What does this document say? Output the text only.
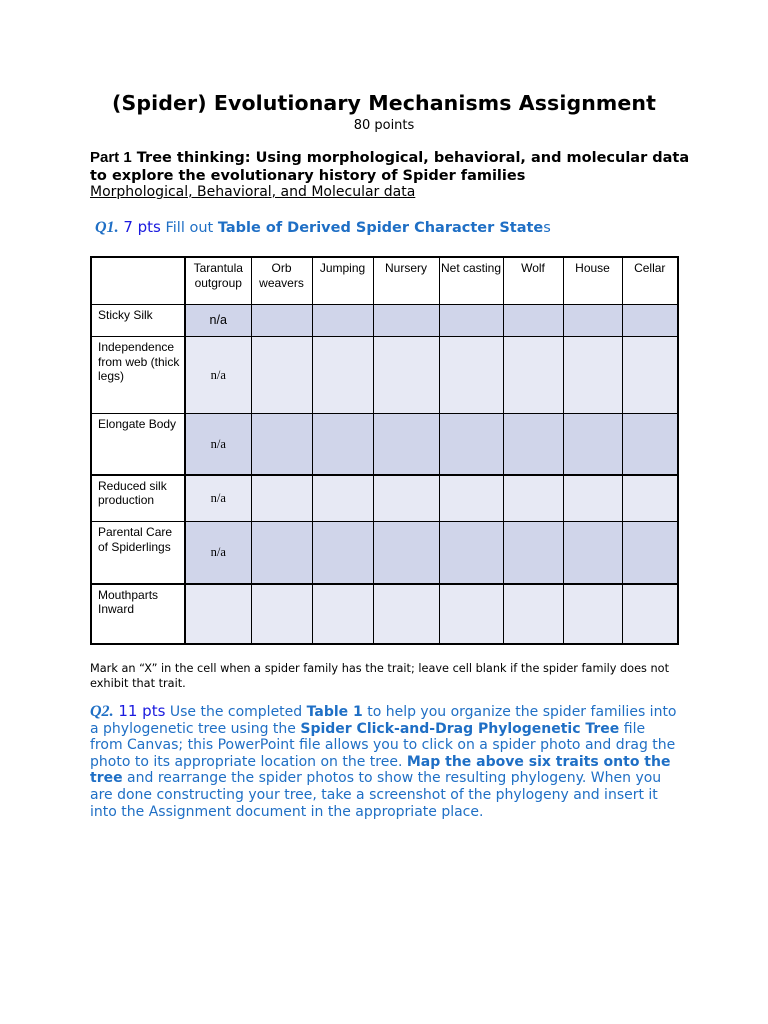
(Spider) Evolutionary Mechanisms Assignment
80 points
Part 1 Tree thinking: Using morphological, behavioral, and molecular data to explore the evolutionary history of Spider families
Morphological, Behavioral, and Molecular data
Q1. 7 pts Fill out Table of Derived Spider Character States
	Tarantula outgroup	Orb weavers	Jumping	Nursery	Net casting	Wolf	House	Cellar
Sticky Silk	n/a							
Independence from web (thick legs)	n/a							
Elongate Body	n/a							
Reduced silk production	n/a							
Parental Care of Spiderlings	n/a							
Mouthparts Inward								
Mark an “X” in the cell when a spider family has the trait; leave cell blank if the spider family does not exhibit that trait.
Q2. 11 pts Use the completed Table 1 to help you organize the spider families into a phylogenetic tree using the Spider Click-and-Drag Phylogenetic Tree file from Canvas; this PowerPoint file allows you to click on a spider photo and drag the photo to its appropriate location on the tree. Map the above six traits onto the tree and rearrange the spider photos to show the resulting phylogeny. When you are done constructing your tree, take a screenshot of the phylogeny and insert it into the Assignment document in the appropriate place.
